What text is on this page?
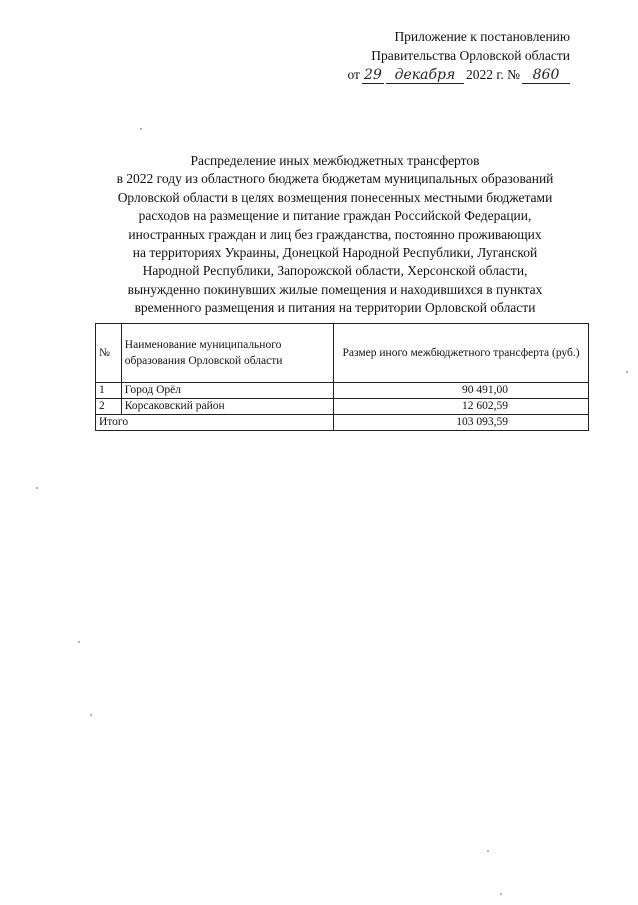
Приложение к постановлению
Правительства Орловской области
от 29 декабря 2022 г. № 860
Распределение иных межбюджетных трансфертов
в 2022 году из областного бюджета бюджетам муниципальных образований
Орловской области в целях возмещения понесенных местными бюджетами
расходов на размещение и питание граждан Российской Федерации,
иностранных граждан и лиц без гражданства, постоянно проживающих
на территориях Украины, Донецкой Народной Республики, Луганской
Народной Республики, Запорожской области, Херсонской области,
вынужденно покинувших жилые помещения и находившихся в пунктах
временного размещения и питания на территории Орловской области
№	Наименование муниципального образования Орловской области	Размер иного межбюджетного трансферта (руб.)
1	Город Орёл	90 491,00
2	Корсаковский район	12 602,59
Итого		103 093,59
